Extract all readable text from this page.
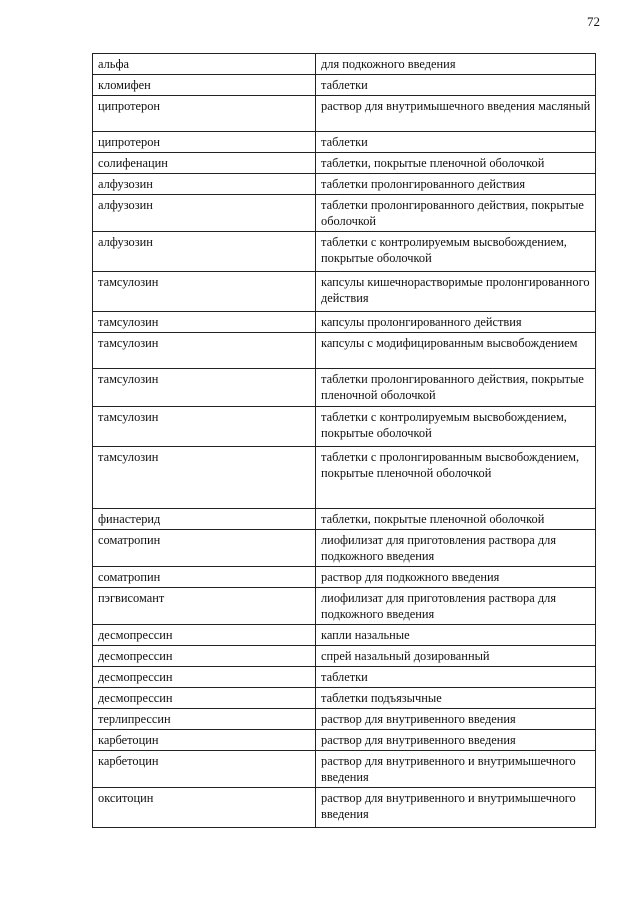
72
альфа	для подкожного введения
кломифен	таблетки
ципротерон	раствор для внутримышечного введения масляный
ципротерон	таблетки
солифенацин	таблетки, покрытые пленочной оболочкой
алфузозин	таблетки пролонгированного действия
алфузозин	таблетки пролонгированного действия, покрытые оболочкой
алфузозин	таблетки с контролируемым высвобождением, покрытые оболочкой
тамсулозин	капсулы кишечнорастворимые пролонгированного действия
тамсулозин	капсулы пролонгированного действия
тамсулозин	капсулы с модифицированным высвобождением
тамсулозин	таблетки пролонгированного действия, покрытые пленочной оболочкой
тамсулозин	таблетки с контролируемым высвобождением, покрытые оболочкой
тамсулозин	таблетки с пролонгированным высвобождением, покрытые пленочной оболочкой
финастерид	таблетки, покрытые пленочной оболочкой
соматропин	лиофилизат для приготовления раствора для подкожного введения
соматропин	раствор для подкожного введения
пэгвисомант	лиофилизат для приготовления раствора для подкожного введения
десмопрессин	капли назальные
десмопрессин	спрей назальный дозированный
десмопрессин	таблетки
десмопрессин	таблетки подъязычные
терлипрессин	раствор для внутривенного введения
карбетоцин	раствор для внутривенного введения
карбетоцин	раствор для внутривенного и внутримышечного введения
окситоцин	раствор для внутривенного и внутримышечного введения
